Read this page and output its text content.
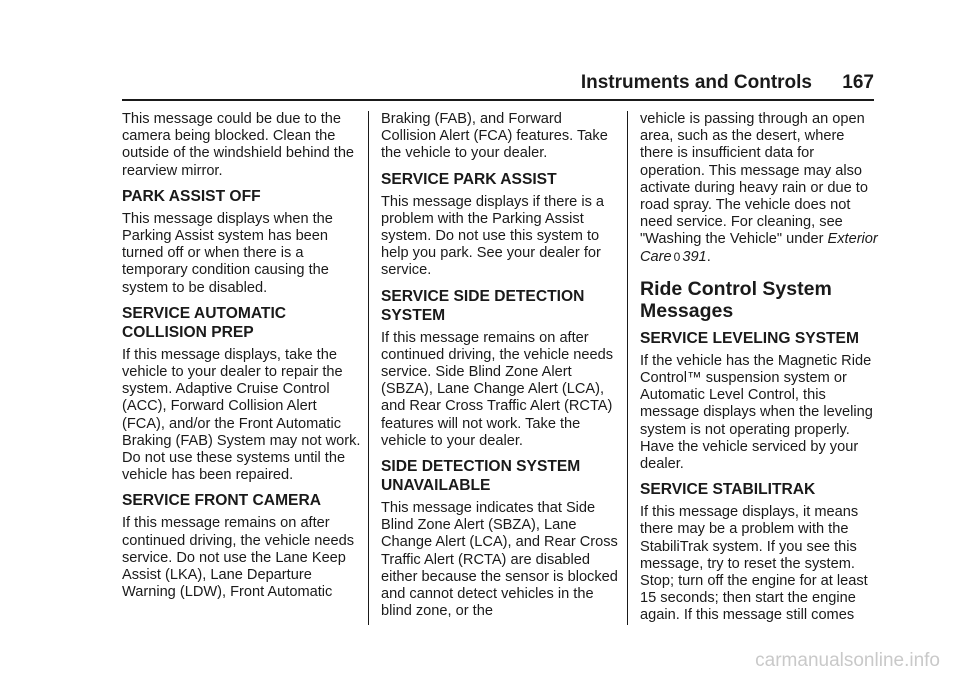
Instruments and Controls 167

This message could be due to the camera being blocked. Clean the outside of the windshield behind the rearview mirror.

PARK ASSIST OFF

This message displays when the Parking Assist system has been turned off or when there is a temporary condition causing the system to be disabled.

SERVICE AUTOMATIC COLLISION PREP

If this message displays, take the vehicle to your dealer to repair the system. Adaptive Cruise Control (ACC), Forward Collision Alert (FCA), and/or the Front Automatic Braking (FAB) System may not work. Do not use these systems until the vehicle has been repaired.

SERVICE FRONT CAMERA

If this message remains on after continued driving, the vehicle needs service. Do not use the Lane Keep Assist (LKA), Lane Departure Warning (LDW), Front Automatic

Braking (FAB), and Forward Collision Alert (FCA) features. Take the vehicle to your dealer.

SERVICE PARK ASSIST

This message displays if there is a problem with the Parking Assist system. Do not use this system to help you park. See your dealer for service.

SERVICE SIDE DETECTION SYSTEM

If this message remains on after continued driving, the vehicle needs service. Side Blind Zone Alert (SBZA), Lane Change Alert (LCA), and Rear Cross Traffic Alert (RCTA) features will not work. Take the vehicle to your dealer.

SIDE DETECTION SYSTEM UNAVAILABLE

This message indicates that Side Blind Zone Alert (SBZA), Lane Change Alert (LCA), and Rear Cross Traffic Alert (RCTA) are disabled either because the sensor is blocked and cannot detect vehicles in the blind zone, or the

vehicle is passing through an open area, such as the desert, where there is insufficient data for operation. This message may also activate during heavy rain or due to road spray. The vehicle does not need service. For cleaning, see "Washing the Vehicle" under Exterior Care 0 391.

Ride Control System Messages
SERVICE LEVELING SYSTEM

If the vehicle has the Magnetic Ride Control™ suspension system or Automatic Level Control, this message displays when the leveling system is not operating properly. Have the vehicle serviced by your dealer.

SERVICE STABILITRAK

If this message displays, it means there may be a problem with the StabiliTrak system. If you see this message, try to reset the system. Stop; turn off the engine for at least 15 seconds; then start the engine again. If this message still comes

carmanualsonline.info
